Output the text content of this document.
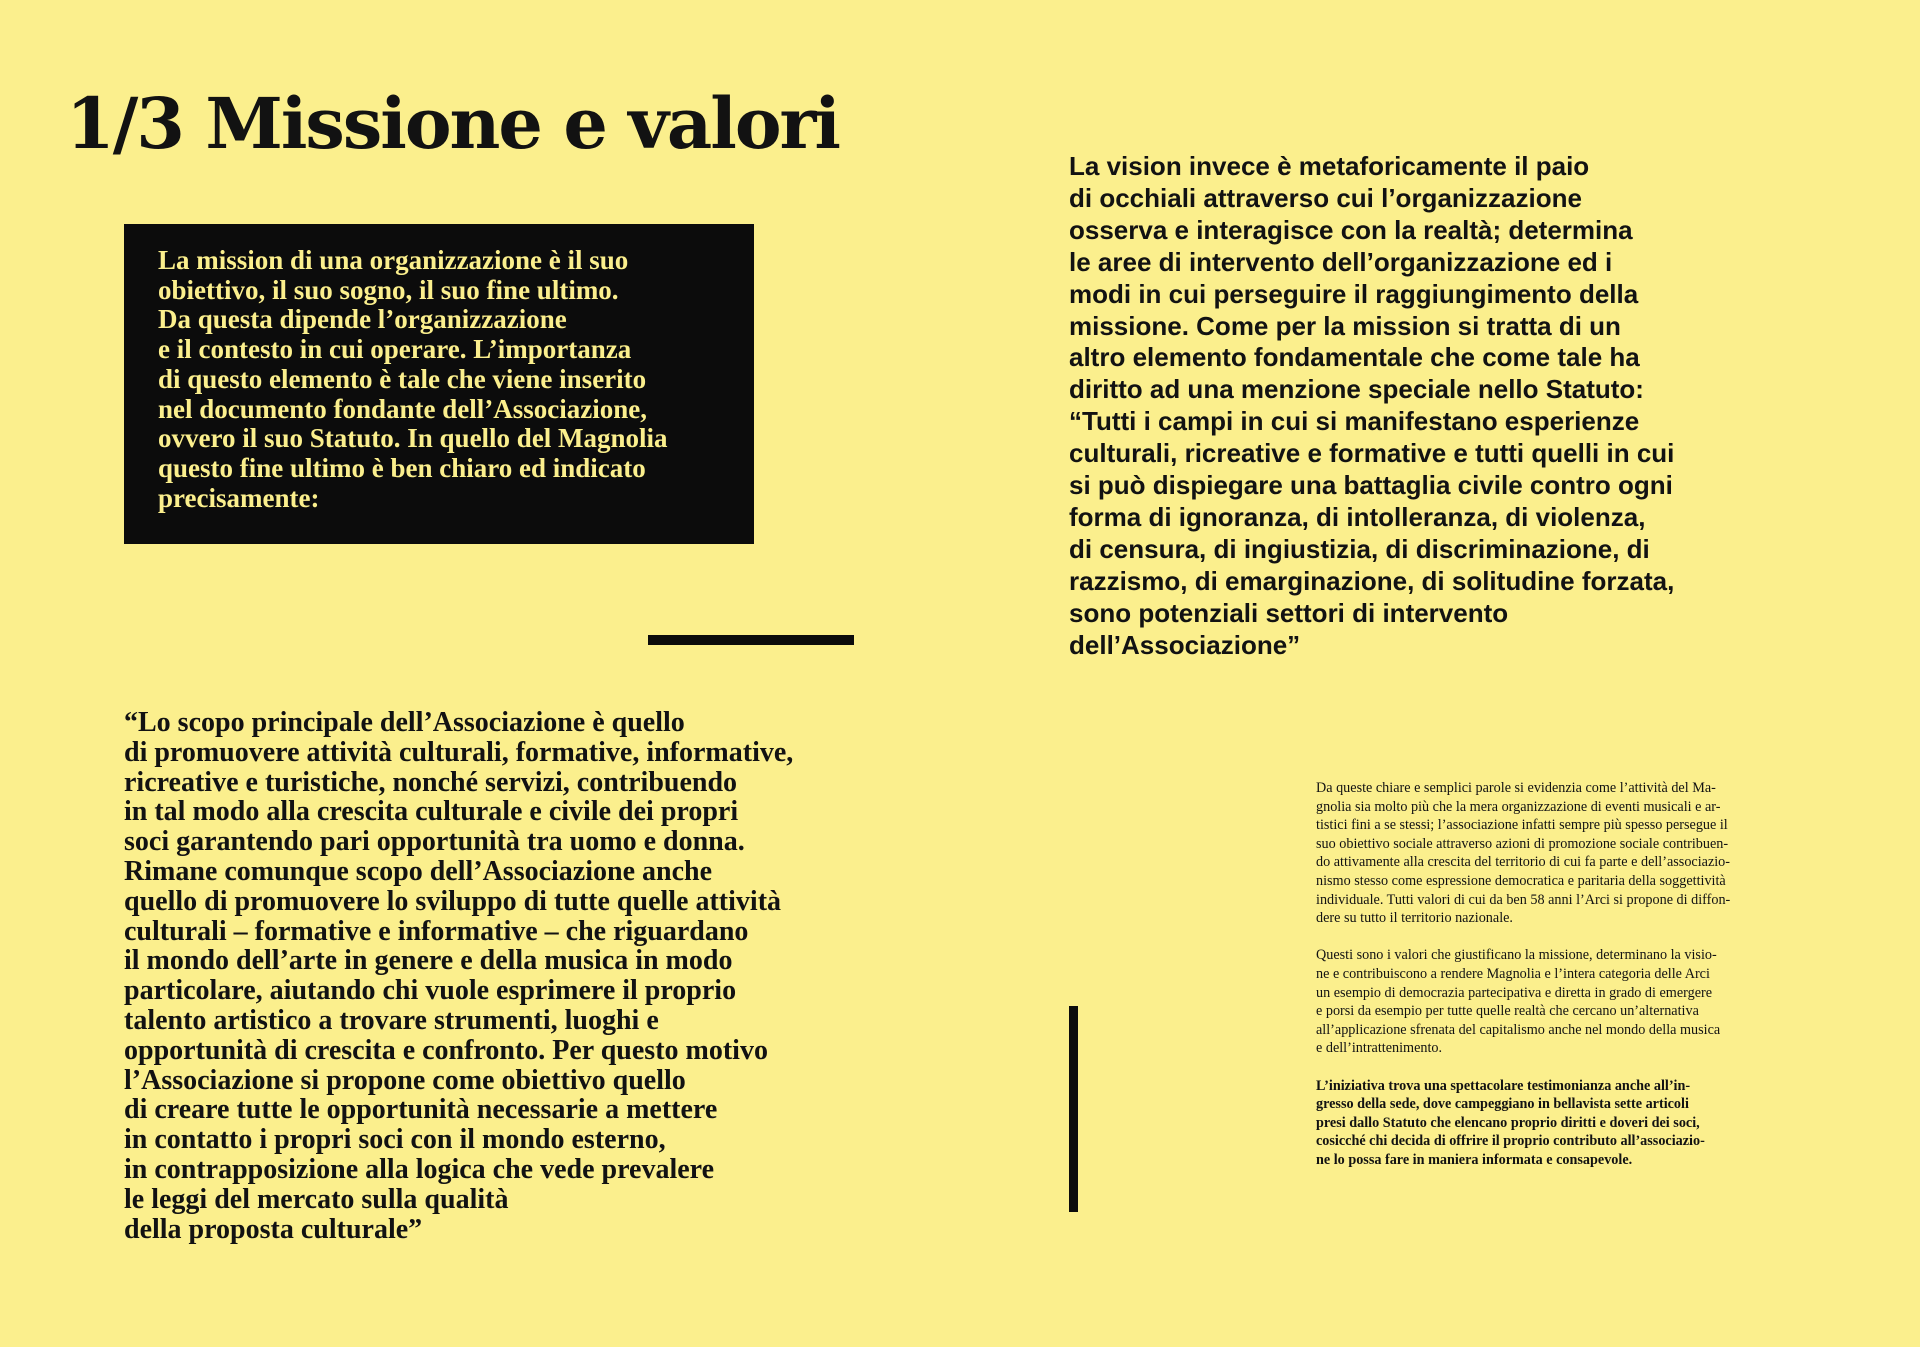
1/3 Missione e valori

La mission di una organizzazione è il suo
obiettivo, il suo sogno, il suo fine ultimo.
Da questa dipende l’organizzazione
e il contesto in cui operare. L’importanza
di questo elemento è tale che viene inserito
nel documento fondante dell’Associazione,
ovvero il suo Statuto. In quello del Magnolia
questo fine ultimo è ben chiaro ed indicato
precisamente:

“Lo scopo principale dell’Associazione è quello
di promuovere attività culturali, formative, informative,
ricreative e turistiche, nonché servizi, contribuendo
in tal modo alla crescita culturale e civile dei propri
soci garantendo pari opportunità tra uomo e donna.
Rimane comunque scopo dell’Associazione anche
quello di promuovere lo sviluppo di tutte quelle attività
culturali – formative e informative – che riguardano
il mondo dell’arte in genere e della musica in modo
particolare, aiutando chi vuole esprimere il proprio
talento artistico a trovare strumenti, luoghi e
opportunità di crescita e confronto. Per questo motivo
l’Associazione si propone come obiettivo quello
di creare tutte le opportunità necessarie a mettere
in contatto i propri soci con il mondo esterno,
in contrapposizione alla logica che vede prevalere
le leggi del mercato sulla qualità
della proposta culturale”

La vision invece è metaforicamente il paio
di occhiali attraverso cui l’organizzazione
osserva e interagisce con la realtà; determina
le aree di intervento dell’organizzazione ed i
modi in cui perseguire il raggiungimento della
missione. Come per la mission si tratta di un
altro elemento fondamentale che come tale ha
diritto ad una menzione speciale nello Statuto:
“Tutti i campi in cui si manifestano esperienze
culturali, ricreative e formative e tutti quelli in cui
si può dispiegare una battaglia civile contro ogni
forma di ignoranza, di intolleranza, di violenza,
di censura, di ingiustizia, di discriminazione, di
razzismo, di emarginazione, di solitudine forzata,
sono potenziali settori di intervento
dell’Associazione”

Da queste chiare e semplici parole si evidenzia come l’attività del Ma-
gnolia sia molto più che la mera organizzazione di eventi musicali e ar-
tistici fini a se stessi; l’associazione infatti sempre più spesso persegue il
suo obiettivo sociale attraverso azioni di promozione sociale contribuen-
do attivamente alla crescita del territorio di cui fa parte e dell’associazio-
nismo stesso come espressione democratica e paritaria della soggettività
individuale. Tutti valori di cui da ben 58 anni l’Arci si propone di diffon-
dere su tutto il territorio nazionale.

Questi sono i valori che giustificano la missione, determinano la visio-
ne e contribuiscono a rendere Magnolia e l’intera categoria delle Arci
un esempio di democrazia partecipativa e diretta in grado di emergere
e porsi da esempio per tutte quelle realtà che cercano un’alternativa
all’applicazione sfrenata del capitalismo anche nel mondo della musica
e dell’intrattenimento.

L’iniziativa trova una spettacolare testimonianza anche all’in-
gresso della sede, dove campeggiano in bellavista sette articoli
presi dallo Statuto che elencano proprio diritti e doveri dei soci,
cosicché chi decida di offrire il proprio contributo all’associazio-
ne lo possa fare in maniera informata e consapevole.
